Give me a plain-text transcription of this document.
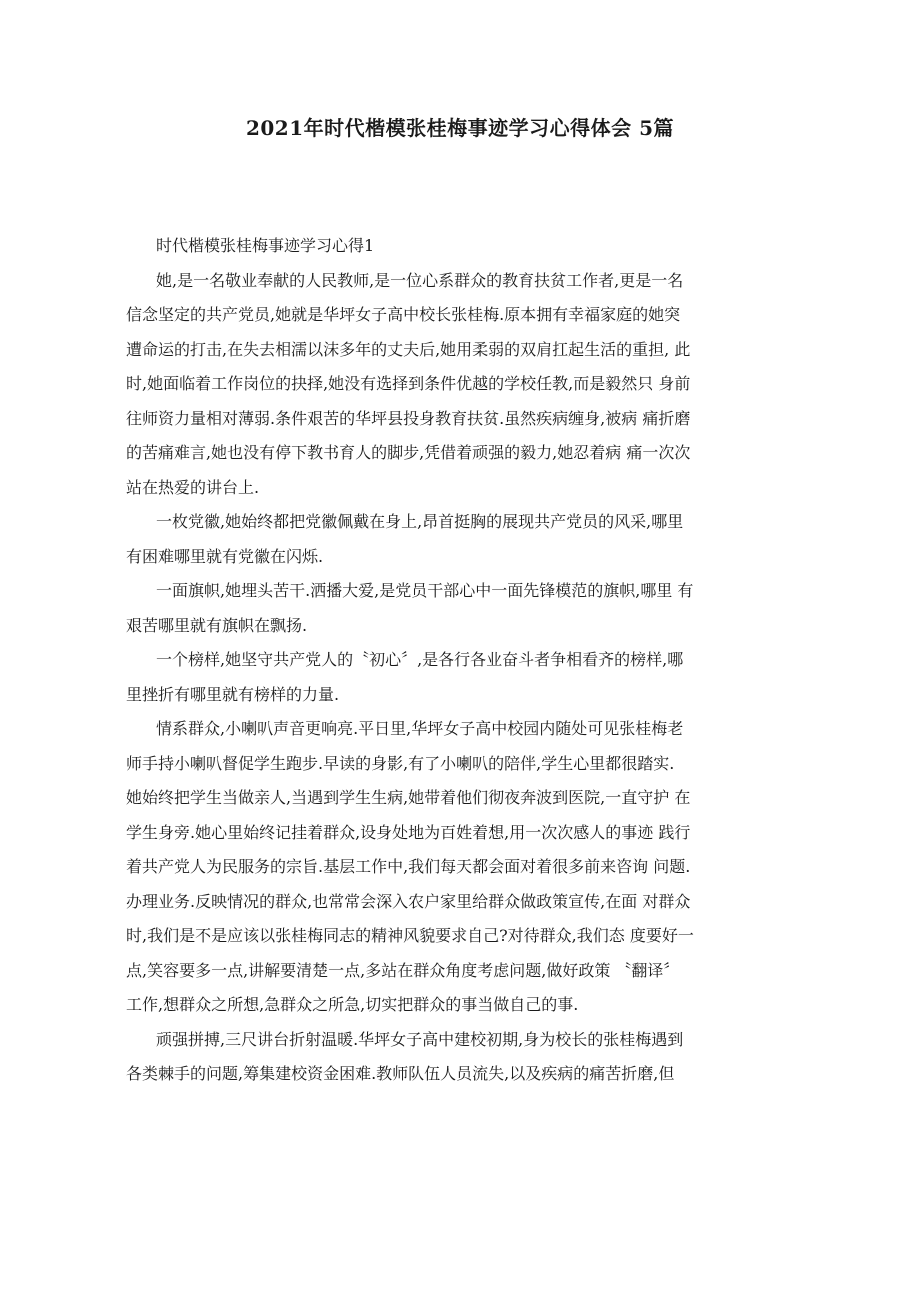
2021年时代楷模张桂梅事迹学习心得体会 5篇
时代楷模张桂梅事迹学习心得1
她,是一名敬业奉献的人民教师,是一位心系群众的教育扶贫工作者,更是一名
信念坚定的共产党员,她就是华坪女子高中校长张桂梅.原本拥有幸福家庭的她突
遭命运的打击,在失去相濡以沫多年的丈夫后,她用柔弱的双肩扛起生活的重担, 此
时,她面临着工作岗位的抉择,她没有选择到条件优越的学校任教,而是毅然只 身前
往师资力量相对薄弱.条件艰苦的华坪县投身教育扶贫.虽然疾病缠身,被病 痛折磨
的苦痛难言,她也没有停下教书育人的脚步,凭借着顽强的毅力,她忍着病 痛一次次
站在热爱的讲台上.
一枚党徽,她始终都把党徽佩戴在身上,昂首挺胸的展现共产党员的风采,哪里
有困难哪里就有党徽在闪烁.
一面旗帜,她埋头苦干.洒播大爱,是党员干部心中一面先锋模范的旗帜,哪里 有
艰苦哪里就有旗帜在飘扬.
一个榜样,她坚守共产党人的〝初心〞,是各行各业奋斗者争相看齐的榜样,哪
里挫折有哪里就有榜样的力量.
情系群众,小喇叭声音更响亮.平日里,华坪女子高中校园内随处可见张桂梅老
师手持小喇叭督促学生跑步.早读的身影,有了小喇叭的陪伴,学生心里都很踏实.
她始终把学生当做亲人,当遇到学生生病,她带着他们彻夜奔波到医院,一直守护 在
学生身旁.她心里始终记挂着群众,设身处地为百姓着想,用一次次感人的事迹 践行
着共产党人为民服务的宗旨.基层工作中,我们每天都会面对着很多前来咨询 问题.
办理业务.反映情况的群众,也常常会深入农户家里给群众做政策宣传,在面 对群众
时,我们是不是应该以张桂梅同志的精神风貌要求自己?对待群众,我们态 度要好一
点,笑容要多一点,讲解要清楚一点,多站在群众角度考虑问题,做好政策 〝翻译〞
工作,想群众之所想,急群众之所急,切实把群众的事当做自己的事.
顽强拼搏,三尺讲台折射温暖.华坪女子高中建校初期,身为校长的张桂梅遇到
各类棘手的问题,筹集建校资金困难.教师队伍人员流失,以及疾病的痛苦折磨,但
